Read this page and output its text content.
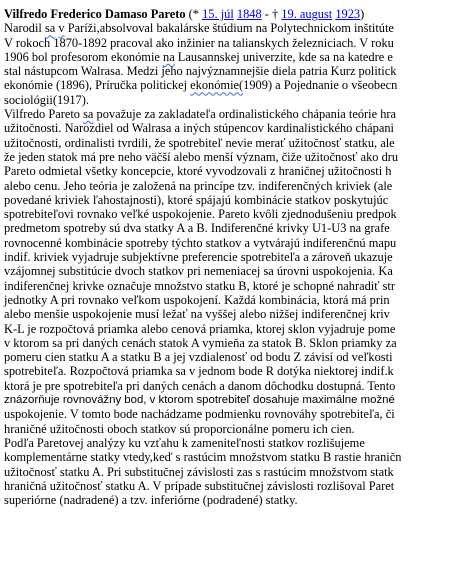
Vilfredo Frederico Damaso Pareto (* 15. júl 1848 - † 19. august 1923)
Narodil sa v Paríži,absolvoval bakalárske štúdium na Polytechnickom inštitúte
V rokoch 1870-1892 pracoval ako inžinier na talianskych železniciach. V roku
1906 bol profesorom ekonómie na Lausannskej univerzite, kde sa na katedre e
stal nástupcom Walrasa. Medzi jeho najvýznamnejšie diela patria Kurz politick
ekonómie (1896), Príručka politickej ekonómie(1909) a Pojednanie o všeobecn
sociológii(1917).
Vilfredo Pareto sa považuje za zakladateľa ordinalistického chápania teórie hra
užitočnosti. Narozdiel od Walrasa a iných stúpencov kardinalistického chápani
užitočnosti, ordinalisti tvrdili, že spotrebiteľ nevie merať užitočnosť statku, ale
že jeden statok má pre neho väčší alebo menší význam, čiže užitočnosť ako dru
Pareto odmietal všetky koncepcie, ktoré vyvodzovali z hraničnej užitočnosti h
alebo cenu. Jeho teória je založená na princípe tzv. indiferenčných kriviek (ale
povedané kriviek ľahostajnosti), ktoré spájajú kombinácie statkov poskytujúc
spotrebiteľovi rovnako veľké uspokojenie. Pareto kvôli zjednodušeniu predpok
predmetom spotreby sú dva statky A a B. Indiferenčné krivky U1-U3 na grafe
rovnocenné kombinácie spotreby týchto statkov a vytvárajú indiferenčnú mapu
indif. kriviek vyjadruje subjektívne preferencie spotrebiteľa a zároveň ukazuje
vzájomnej substitúcie dvoch statkov pri nemeniacej sa úrovni uspokojenia. Ka
indiferenčnej krivke označuje množstvo statku B, ktoré je schopné nahradiť str
jednotky A pri rovnako veľkom uspokojení. Každá kombinácia, ktorá má prin
alebo menšie uspokojenie musí ležať na vyššej alebo nižšej indiferenčnej kriv
K-L je rozpočtová priamka alebo cenová priamka, ktorej sklon vyjadruje pome
v ktorom sa pri daných cenách statok A vymieňa za statok B. Sklon priamky za
pomeru cien statku A a statku B a jej vzdialenosť od bodu Z závisí od veľkosti
spotrebiteľa. Rozpočtová priamka sa v jednom bode R dotýka niektorej indif.k
ktorá je pre spotrebiteľa pri daných cenách a danom dôchodku dostupná. Tento
znázorňuje rovnovážny bod, v ktorom spotrebiteľ dosahuje maximálne možné
uspokojenie. V tomto bode nachádzame podmienku rovnováhy spotrebiteľa, či
hraničné užitočnosti oboch statkov sú proporcionálne pomeru ich cien.
Podľa Paretovej analýzy ku vzťahu k zameniteľnosti statkov rozlišujeme
komplementárne statky vtedy,keď s rastúcim množstvom statku B rastie hraničn
užitočnosť statku A. Pri substitučnej závislosti zas s rastúcim množstvom statk
hraničná užitočnosť statku A. V prípade substitučnej závislosti rozlišoval Paret
superiórne (nadradené) a tzv. inferiórne (podradené) statky.
